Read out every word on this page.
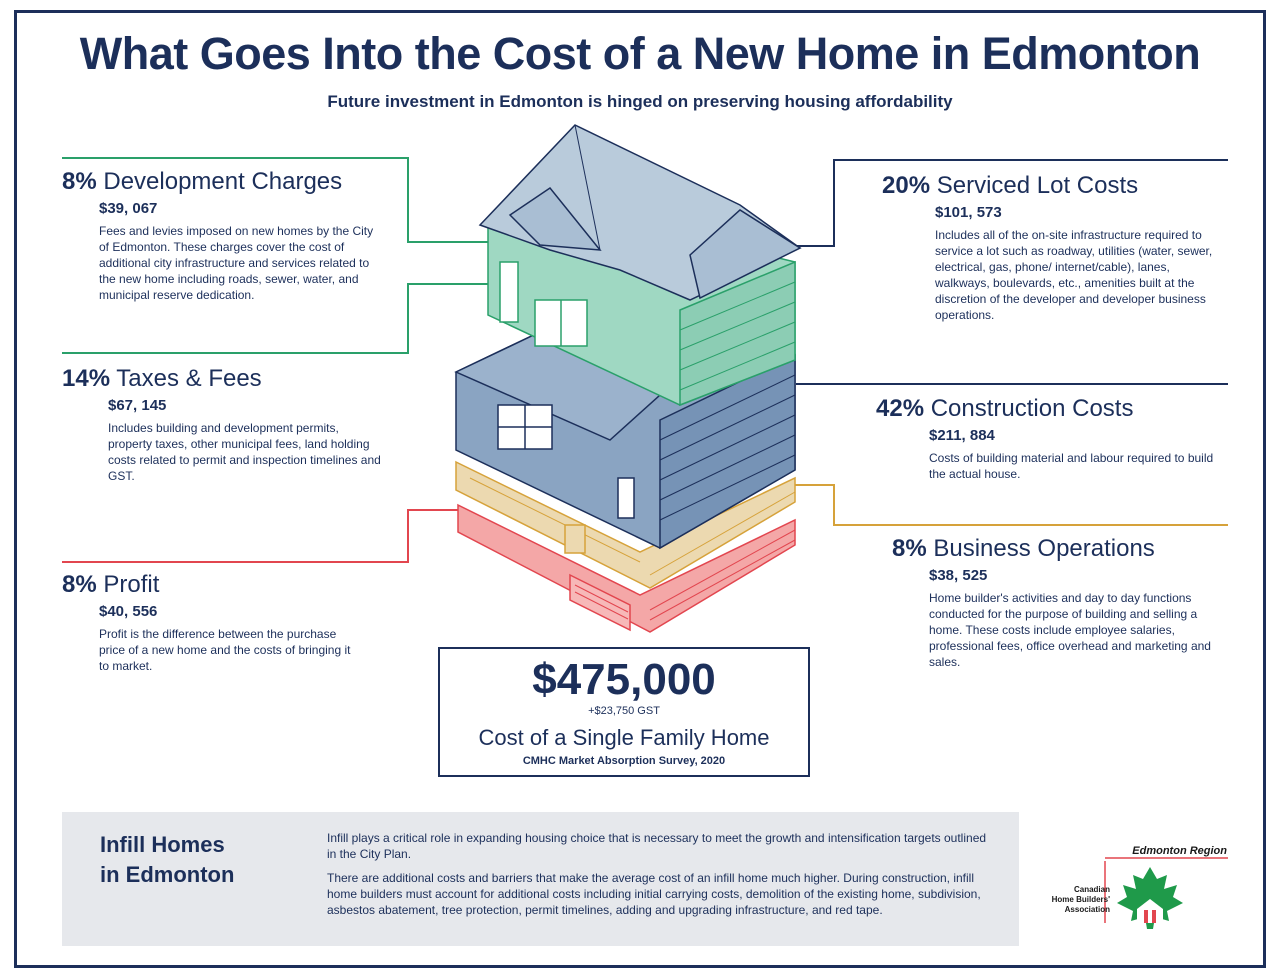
What Goes Into the Cost of a New Home in Edmonton
Future investment in Edmonton is hinged on preserving housing affordability
8% Development Charges
$39, 067
Fees and levies imposed on new homes by the City of Edmonton. These charges cover the cost of additional city infrastructure and services related to the new home including roads, sewer, water, and municipal reserve dedication.
14% Taxes & Fees
$67, 145
Includes building and development permits, property taxes, other municipal fees, land holding costs related to permit and inspection timelines and GST.
8% Profit
$40, 556
Profit is the difference between the purchase price of a new home and the costs of bringing it to market.
20% Serviced Lot Costs
$101, 573
Includes all of the on-site infrastructure required to service a lot such as roadway, utilities (water, sewer, electrical, gas, phone/ internet/cable), lanes, walkways, boulevards, etc., amenities built at the discretion of the developer and developer business operations.
42% Construction Costs
$211, 884
Costs of building material and labour required to build the actual house.
8% Business Operations
$38, 525
Home builder's activities and day to day functions conducted for the purpose of building and selling a home. These costs include employee salaries, professional fees, office overhead and marketing and sales.
$475,000
+$23,750 GST
Cost of a Single Family Home
CMHC Market Absorption Survey, 2020
Infill Homes
in Edmonton
Infill plays a critical role in expanding housing choice that is necessary to meet the growth and intensification targets outlined in the City Plan.
There are additional costs and barriers that make the average cost of an infill home much higher. During construction, infill home builders must account for additional costs including initial carrying costs, demolition of the existing home, subdivision, asbestos abatement, tree protection, permit timelines, adding and upgrading infrastructure, and red tape.
Edmonton Region
Canadian
Home Builders'
Association
